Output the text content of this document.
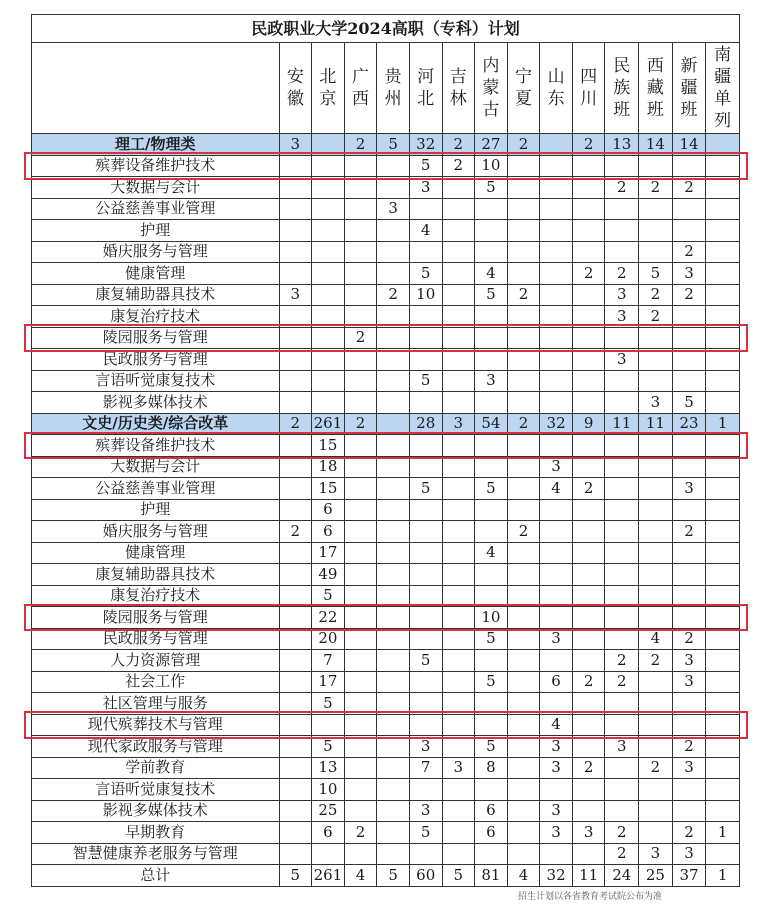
民政职业大学2024高职（专科）计划														
	安徽	北京	广西	贵州	河北	吉林	内蒙古	宁夏	山东	四川	民族班	西藏班	新疆班	南疆单列
理工/物理类	3		2	5	32	2	27	2		2	13	14	14	
殡葬设备维护技术					5	2	10							
大数据与会计					3		5				2	2	2	
公益慈善事业管理				3										
护理					4									
婚庆服务与管理													2	
健康管理					5		4			2	2	5	3	
康复辅助器具技术	3			2	10		5	2			3	2	2	
康复治疗技术											3	2		
陵园服务与管理			2											
民政服务与管理											3			
言语听觉康复技术					5		3							
影视多媒体技术												3	5	
文史/历史类/综合改革	2	261	2		28	3	54	2	32	9	11	11	23	1
殡葬设备维护技术		15												
大数据与会计		18							3					
公益慈善事业管理		15			5		5		4	2			3	
护理		6												
婚庆服务与管理	2	6						2					2	
健康管理		17					4							
康复辅助器具技术		49												
康复治疗技术		5												
陵园服务与管理		22					10							
民政服务与管理		20					5		3			4	2	
人力资源管理		7			5						2	2	3	
社会工作		17					5		6	2	2		3	
社区管理与服务		5												
现代殡葬技术与管理									4					
现代家政服务与管理		5			3		5		3		3		2	
学前教育		13			7	3	8		3	2		2	3	
言语听觉康复技术		10												
影视多媒体技术		25			3		6		3					
早期教育		6	2		5		6		3	3	2		2	1
智慧健康养老服务与管理											2	3	3	
总计	5	261	4	5	60	5	81	4	32	11	24	25	37	1
招生计划以各省教育考试院公布为准
